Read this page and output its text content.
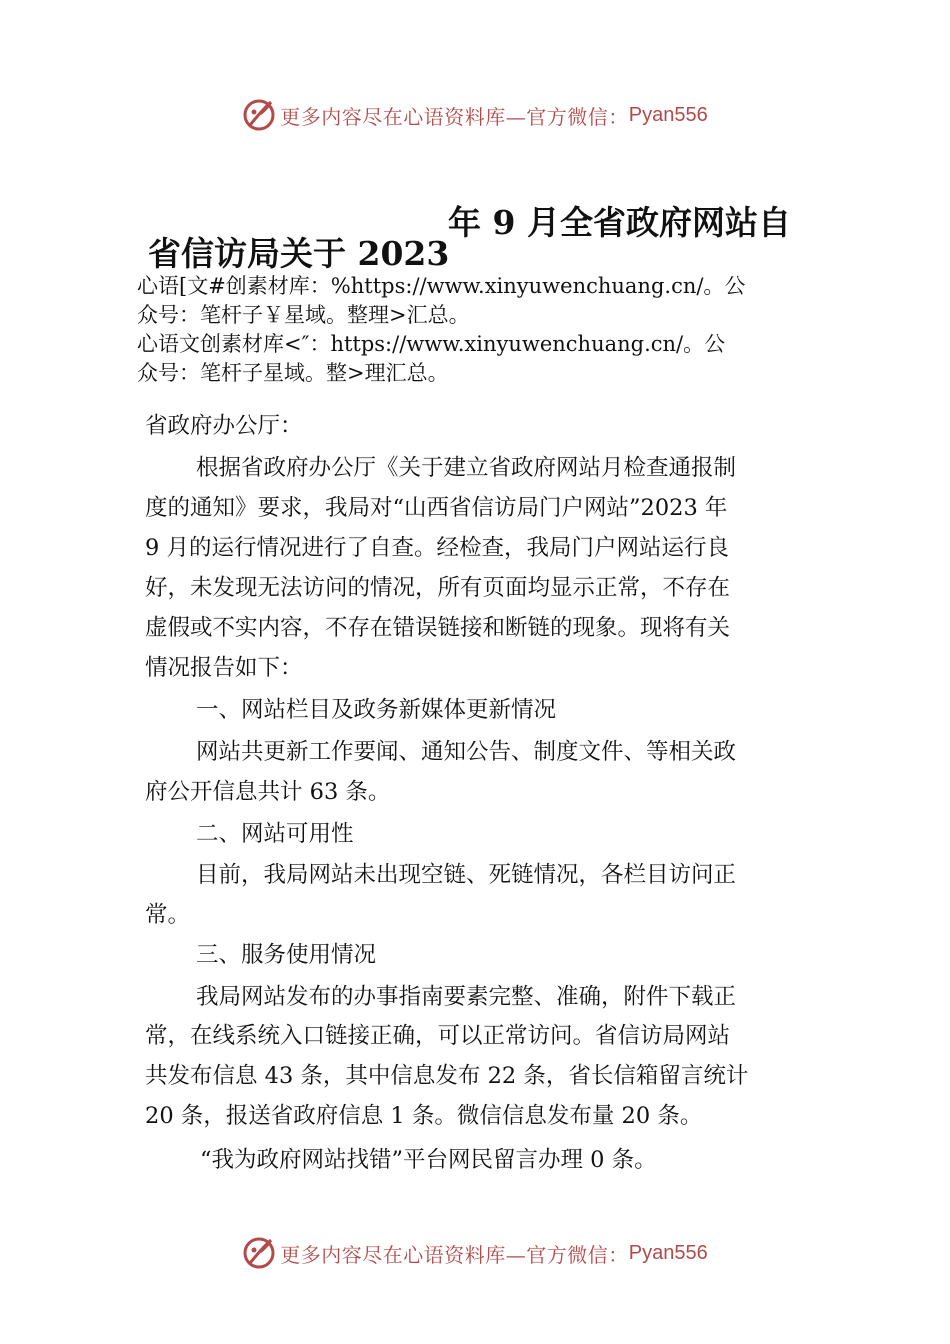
更多内容尽在心语资料库—官方微信： Pyan556
年 9 月全省政府网站自
省信访局关于 2023
心语[文#创素材库：%https://www.xinyuwenchuang.cn/。公
众号：笔杆子￥星域。整理>汇总。
心语文创素材库<″：https://www.xinyuwenchuang.cn/。公
众号：笔杆子星域。整>理汇总。
省政府办公厅：
根据省政府办公厅《关于建立省政府网站月检查通报制
度的通知》要求，我局对“山西省信访局门户网站”2023 年
9 月的运行情况进行了自查。经检查，我局门户网站运行良
好，未发现无法访问的情况，所有页面均显示正常，不存在
虚假或不实内容，不存在错误链接和断链的现象。现将有关
情况报告如下：
一、网站栏目及政务新媒体更新情况
网站共更新工作要闻、通知公告、制度文件、等相关政
府公开信息共计 63 条。
二、网站可用性
目前，我局网站未出现空链、死链情况，各栏目访问正
常。
三、服务使用情况
我局网站发布的办事指南要素完整、准确，附件下载正
常，在线系统入口链接正确，可以正常访问。省信访局网站
共发布信息 43 条，其中信息发布 22 条，省长信箱留言统计
20 条，报送省政府信息 1 条。微信信息发布量 20 条。
“我为政府网站找错”平台网民留言办理 0 条。
更多内容尽在心语资料库—官方微信： Pyan556
